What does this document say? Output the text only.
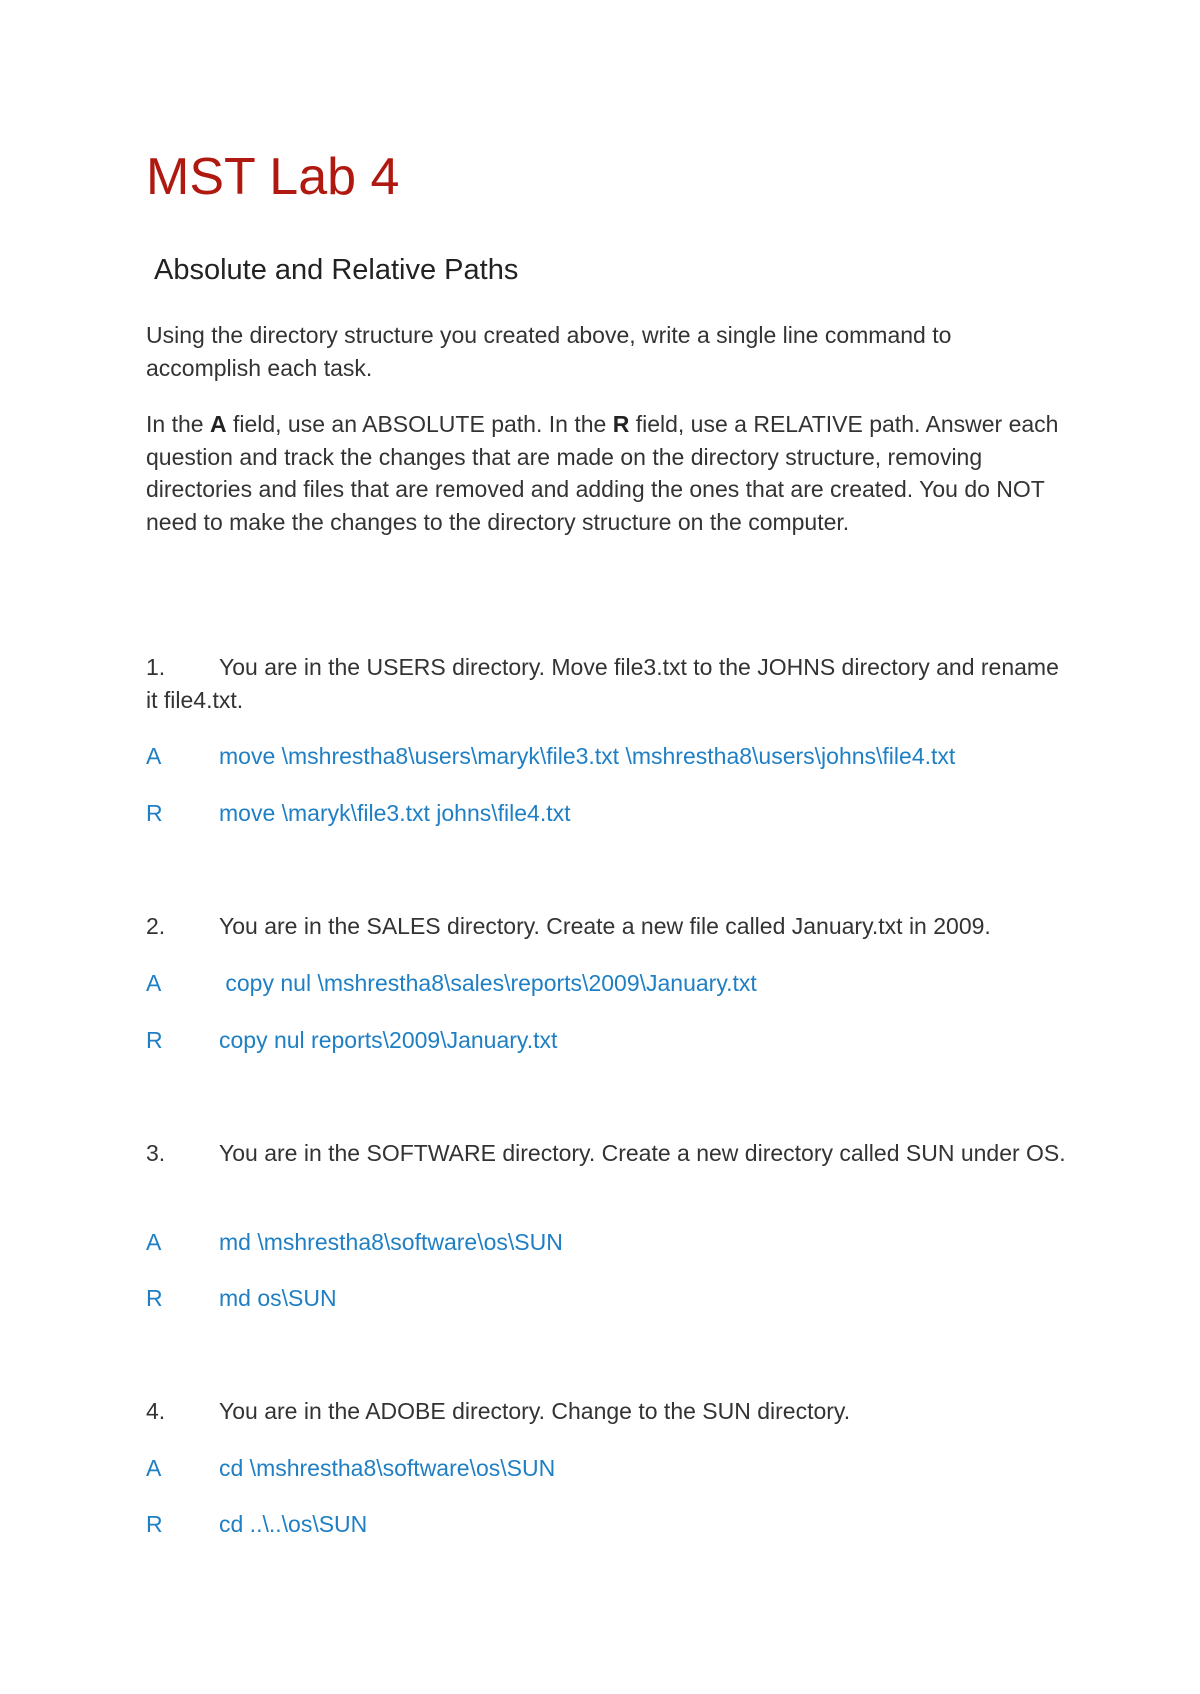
MST Lab 4
Absolute and Relative Paths

Using the directory structure you created above, write a single line command to accomplish each task.

In the A field, use an ABSOLUTE path. In the R field, use a RELATIVE path. Answer each question and track the changes that are made on the directory structure, removing directories and files that are removed and adding the ones that are created. You do NOT need to make the changes to the directory structure on the computer.

1. You are in the USERS directory. Move file3.txt to the JOHNS directory and rename it file4.txt.

A	move \mshrestha8\users\maryk\file3.txt \mshrestha8\users\johns\file4.txt

R move \maryk\file3.txt johns\file4.txt

2. You are in the SALES directory. Create a new file called January.txt in 2009.

A	copy nul \mshrestha8\sales\reports\2009\January.txt

R copy nul reports\2009\January.txt

3. You are in the SOFTWARE directory. Create a new directory called SUN under OS.

A	md \mshrestha8\software\os\SUN

R md os\SUN

4. You are in the ADOBE directory. Change to the SUN directory.

A	cd \mshrestha8\software\os\SUN

R cd ..\..\os\SUN
